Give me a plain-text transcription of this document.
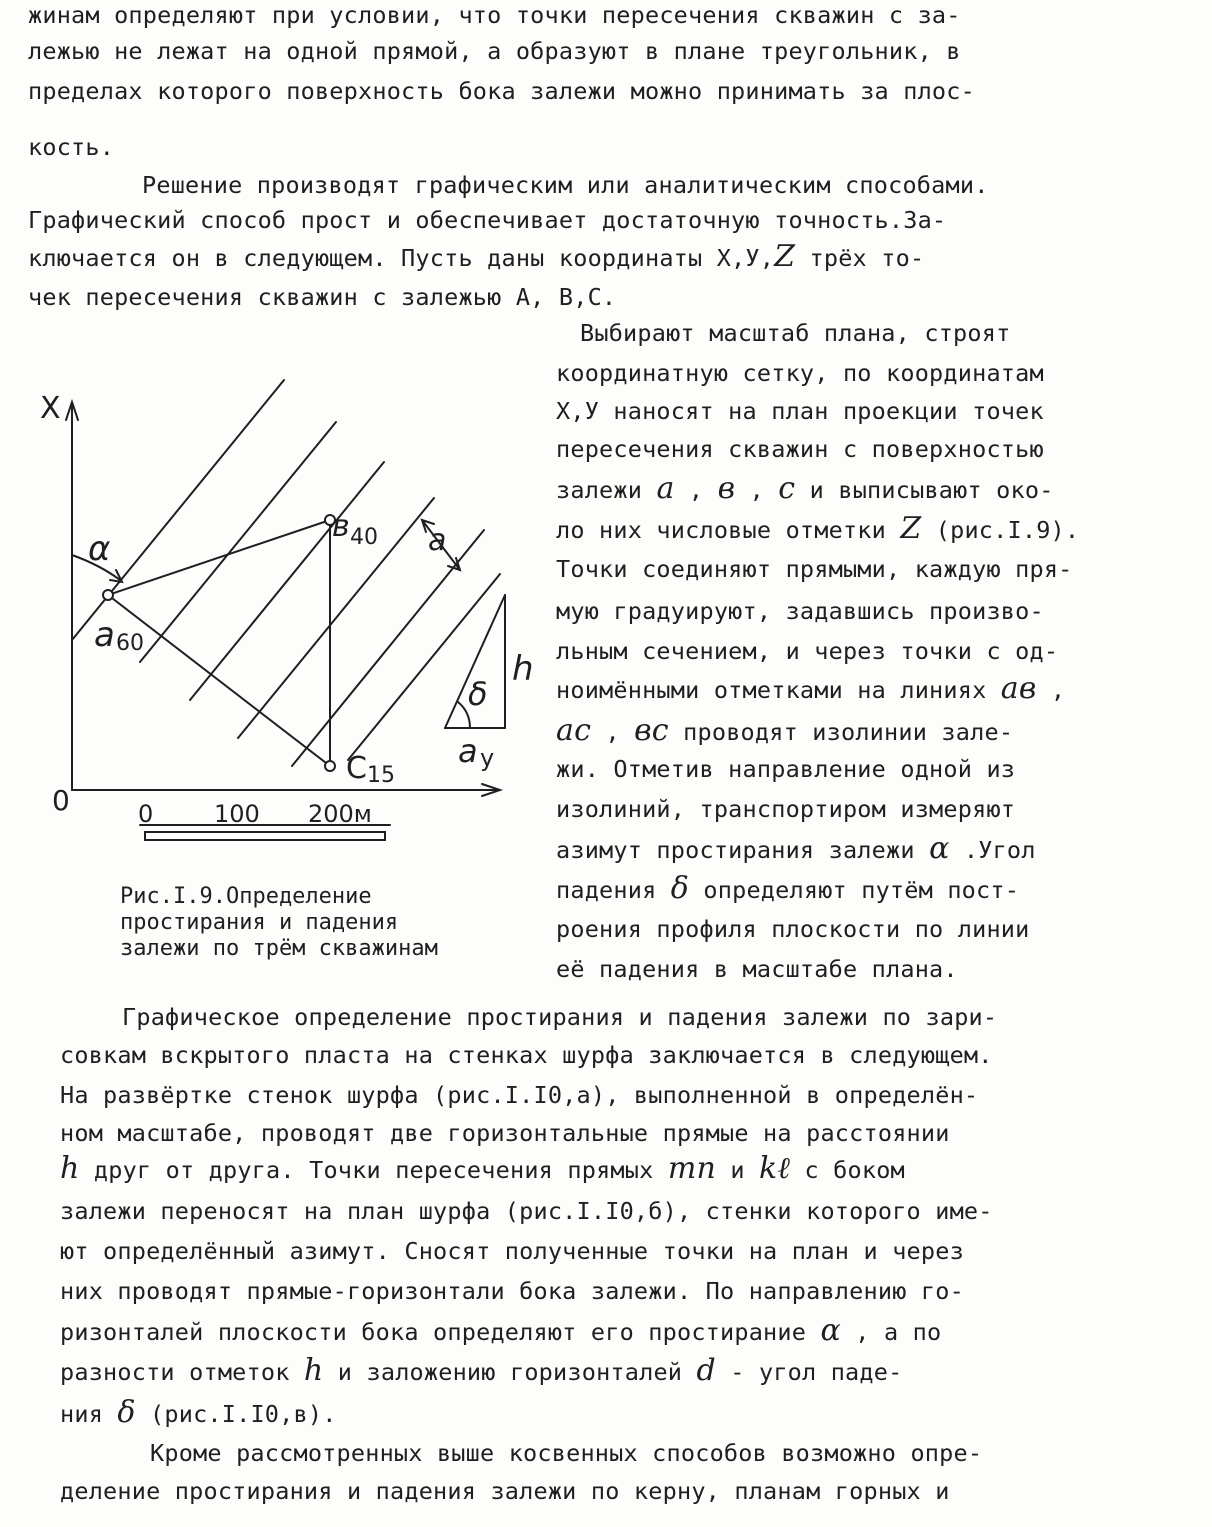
жинам определяют при условии, что точки пересечения скважин с за-
лежью не лежат на одной прямой, а образуют в плане треугольник, в
пределах которого поверхность бока залежи можно принимать за плос-
кость.
Решение производят графическим или аналитическим способами.
Графический способ прост и обеспечивает достаточную точность.За-
ключается он в следующем. Пусть даны координаты X,У,Z трёх то-
чек пересечения скважин с залежью А, В,С.
Выбирают масштаб плана, строят
координатную сетку, по координатам
X,У наносят на план проекции точек
пересечения скважин с поверхностью
залежи a , в , c и выписывают око-
ло них числовые отметки Z (рис.I.9).
Точки соединяют прямыми, каждую пря-
мую градуируют, задавшись произво-
льным сечением, и через точки с од-
ноимёнными отметками на линиях aв ,
ac , вc проводят изолинии зале-
жи. Отметив направление одной из
изолиний, транспортиром измеряют
азимут простирания залежи α .Угол
падения δ определяют путём пост-
роения профиля плоскости по линии
её падения в масштабе плана.
X
0
α	a
a 60
в 40
C 15
h
δ
a y
0	100 200м
Рис.I.9.Определение
простирания и падения
залежи по трём скважинам
Графическое определение простирания и падения залежи по зари-
совкам вскрытого пласта на стенках шурфа заключается в следующем.
На развёртке стенок шурфа (рис.I.I0,а), выполненной в определён-
ном масштабе, проводят две горизонтальные прямые на расстоянии
h друг от друга. Точки пересечения прямых mn и kℓ с боком
залежи переносят на план шурфа (рис.I.I0,б), стенки которого име-
ют определённый азимут. Сносят полученные точки на план и через
них проводят прямые-горизонтали бока залежи. По направлению го-
ризонталей плоскости бока определяют его простирание α , а по
разности отметок h и заложению горизонталей d - угол паде-
ния δ (рис.I.I0,в).
Кроме рассмотренных выше косвенных способов возможно опре-
деление простирания и падения залежи по керну, планам горных и
